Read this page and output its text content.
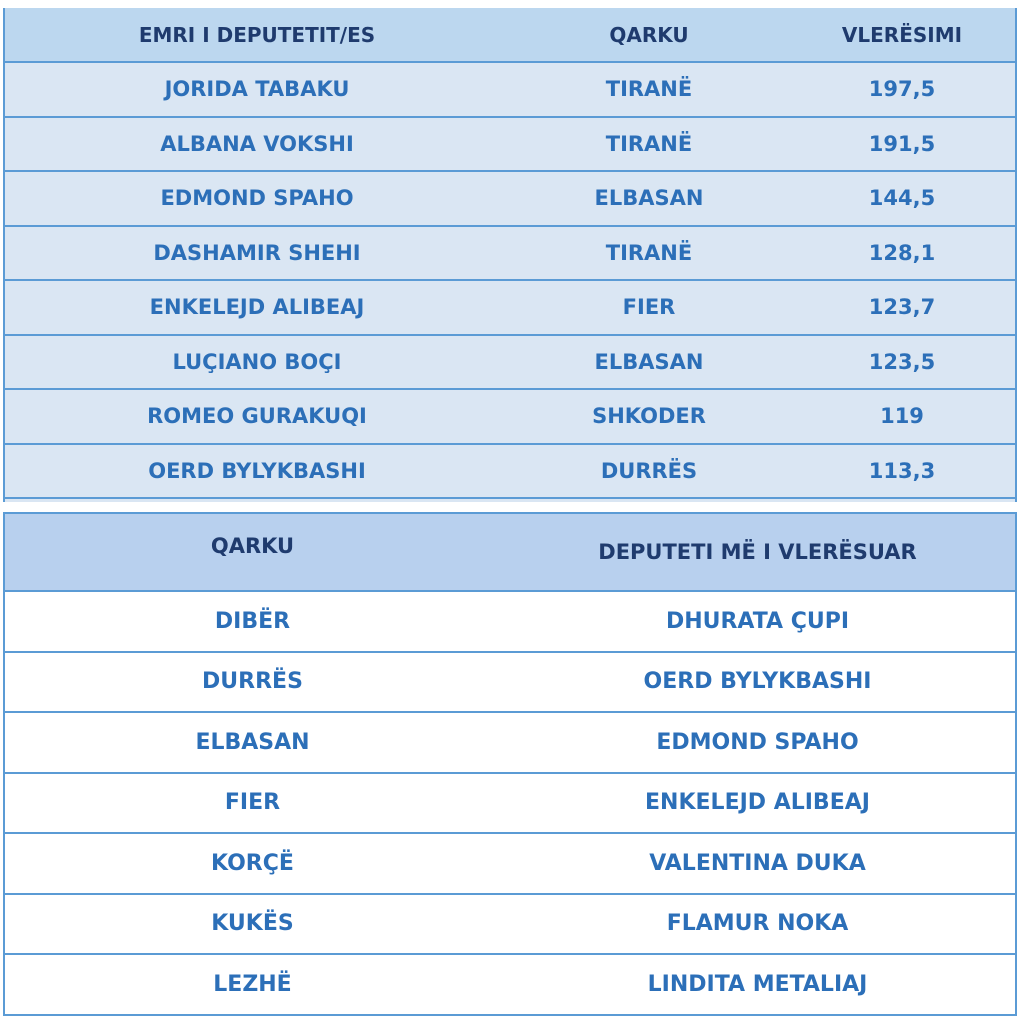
EMRI I DEPUTETIT/ES	QARKU	VLERËSIMI
JORIDA TABAKU	TIRANË	197,5
ALBANA VOKSHI	TIRANË	191,5
EDMOND SPAHO	ELBASAN	144,5
DASHAMIR SHEHI	TIRANË	128,1
ENKELEJD ALIBEAJ	FIER	123,7
LUÇIANO BOÇI	ELBASAN	123,5
ROMEO GURAKUQI	SHKODER	119
OERD BYLYKBASHI	DURRËS	113,3
QARKU	DEPUTETI MË I VLERËSUAR
DIBËR	DHURATA ÇUPI
DURRËS	OERD BYLYKBASHI
ELBASAN	EDMOND SPAHO
FIER	ENKELEJD ALIBEAJ
KORÇË	VALENTINA DUKA
KUKËS	FLAMUR NOKA
LEZHË	LINDITA METALIAJ
